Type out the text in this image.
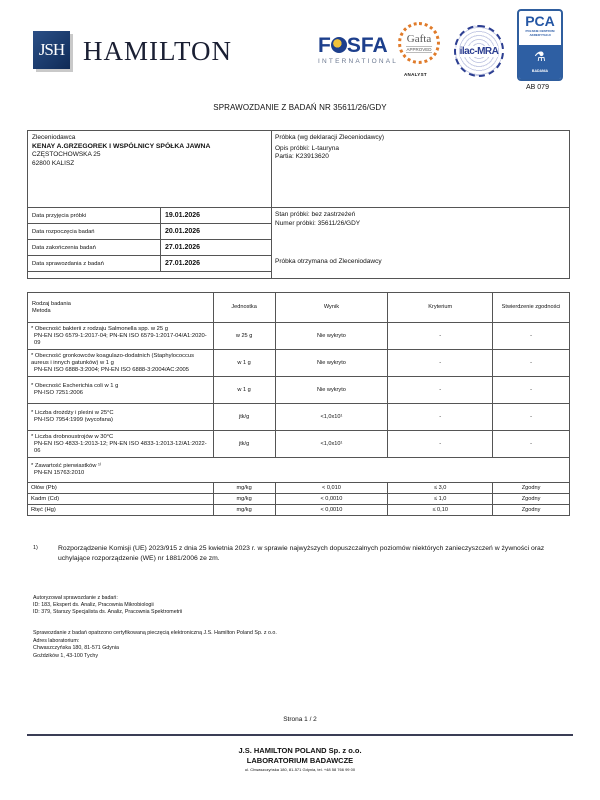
JSH HAMILTON	F SFA
INTERNATIONAL
Gafta
APPROVED
ANALYST
ilac-MRA
PCA
POLSKIE CENTRUM AKREDYTACJI
⚗
BADANIA
AB 079
SPRAWOZDANIE Z BADAŃ NR 35611/26/GDY
Zleceniodawca
KENAY A.GRZEGOREK I WSPÓLNICY SPÓŁKA JAWNA
CZĘSTOCHOWSKA 25
62800 KALISZ
Próbka (wg deklaracji Zleceniodawcy)
Opis próbki: L-tauryna
Partia: K23913620
Data przyjęcia próbki	19.01.2026
Data rozpoczęcia badań	20.01.2026
Data zakończenia badań	27.01.2026
Data sprawozdania z badań	27.01.2026
Stan próbki: bez zastrzeżeń
Numer próbki: 35611/26/GDY
Próbka otrzymana od Zleceniodawcy
Rodzaj badania
Metoda	Jednostka	Wynik	Kryterium	Stwierdzenie zgodności

* Obecność bakterii z rodzaju Salmonella spp. w 25 g
PN-EN ISO 6579-1:2017-04; PN-EN ISO 6579-1:2017-04/A1:2020-09	w 25 g	Nie wykryto	-	-

* Obecność gronkowców koagulazo-dodatnich (Staphylococcus aureus i innych gatunków) w 1 g
PN-EN ISO 6888-3:2004; PN-EN ISO 6888-3:2004/AC:2005	w 1 g	Nie wykryto	-	-

* Obecność Escherichia coli w 1 g
PN-ISO 7251:2006	w 1 g	Nie wykryto	-	-

* Liczba drożdży i pleśni w 25°C
PN-ISO 7954:1999 (wycofana)	jtk/g	<1,0x10¹	-	-

* Liczba drobnoustrojów w 30°C
PN-EN ISO 4833-1:2013-12; PN-EN ISO 4833-1:2013-12/A1:2022-06	jtk/g	<1,0x10¹	-	-

* Zawartość pierwiastków ¹⁾
PN-EN 15763:2010				

Ołów (Pb)	mg/kg	< 0,010	≤ 3,0	Zgodny
Kadm (Cd)	mg/kg	< 0,0010	≤ 1,0	Zgodny
Rtęć (Hg)	mg/kg	< 0,0010	≤ 0,10	Zgodny
1)	Rozporządzenie Komisji (UE) 2023/915 z dnia 25 kwietnia 2023 r. w sprawie najwyższych dopuszczalnych poziomów niektórych zanieczyszczeń w żywności oraz uchylające rozporządzenie (WE) nr 1881/2006 ze zm.
Autoryzował sprawozdanie z badań:
ID: 183, Ekspert ds. Analiz, Pracownia Mikrobiologii
ID: 379, Starszy Specjalista ds. Analiz, Pracownia Spektrometrii
Sprawozdanie z badań opatrzono certyfikowaną pieczęcią elektroniczną J.S. Hamilton Poland Sp. z o.o.
Adres laboratorium:
Chwaszczyńska 180, 81-571 Gdynia
Goździków 1, 43-100 Tychy
Strona 1 / 2
J.S. HAMILTON POLAND Sp. z o.o.
LABORATORIUM BADAWCZE
ul. Chwaszczyńska 180, 81-571 Gdynia, tel. +48 58 766 99 00
